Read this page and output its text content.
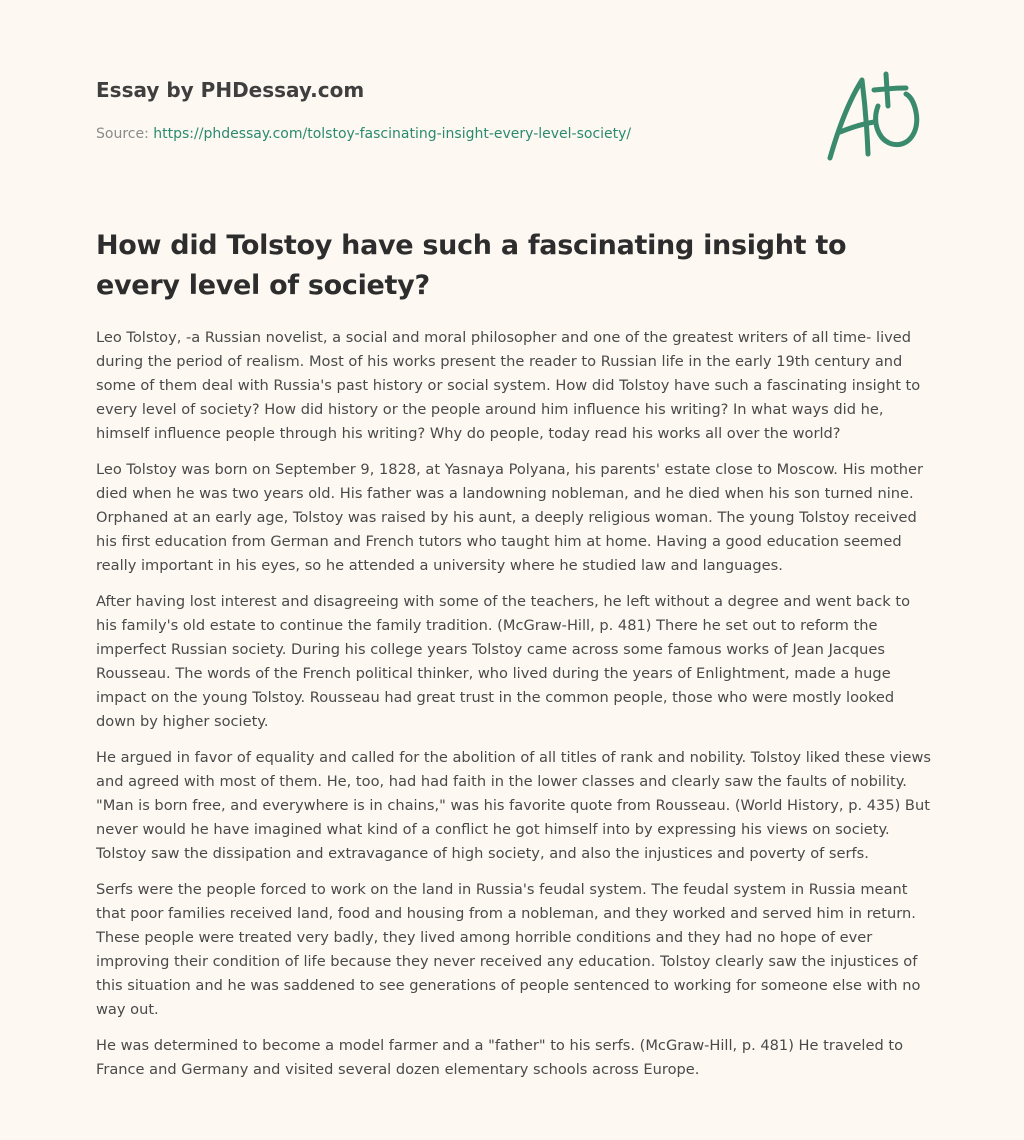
Essay by PHDessay.com
Source: https://phdessay.com/tolstoy-fascinating-insight-every-level-society/
How did Tolstoy have such a fascinating insight to every level of society?

Leo Tolstoy, -a Russian novelist, a social and moral philosopher and one of the greatest writers of all time- lived during the period of realism. Most of his works present the reader to Russian life in the early 19th century and some of them deal with Russia's past history or social system. How did Tolstoy have such a fascinating insight to every level of society? How did history or the people around him influence his writing? In what ways did he, himself influence people through his writing? Why do people, today read his works all over the world?

Leo Tolstoy was born on September 9, 1828, at Yasnaya Polyana, his parents' estate close to Moscow. His mother died when he was two years old. His father was a landowning nobleman, and he died when his son turned nine. Orphaned at an early age, Tolstoy was raised by his aunt, a deeply religious woman. The young Tolstoy received his first education from German and French tutors who taught him at home. Having a good education seemed really important in his eyes, so he attended a university where he studied law and languages.

After having lost interest and disagreeing with some of the teachers, he left without a degree and went back to his family's old estate to continue the family tradition. (McGraw-Hill, p. 481) There he set out to reform the imperfect Russian society. During his college years Tolstoy came across some famous works of Jean Jacques Rousseau. The words of the French political thinker, who lived during the years of Enlightment, made a huge impact on the young Tolstoy. Rousseau had great trust in the common people, those who were mostly looked down by higher society.

He argued in favor of equality and called for the abolition of all titles of rank and nobility. Tolstoy liked these views and agreed with most of them. He, too, had had faith in the lower classes and clearly saw the faults of nobility. "Man is born free, and everywhere is in chains," was his favorite quote from Rousseau. (World History, p. 435) But never would he have imagined what kind of a conflict he got himself into by expressing his views on society. Tolstoy saw the dissipation and extravagance of high society, and also the injustices and poverty of serfs.

Serfs were the people forced to work on the land in Russia's feudal system. The feudal system in Russia meant that poor families received land, food and housing from a nobleman, and they worked and served him in return. These people were treated very badly, they lived among horrible conditions and they had no hope of ever improving their condition of life because they never received any education. Tolstoy clearly saw the injustices of this situation and he was saddened to see generations of people sentenced to working for someone else with no way out.

He was determined to become a model farmer and a "father" to his serfs. (McGraw-Hill, p. 481) He traveled to France and Germany and visited several dozen elementary schools across Europe.
